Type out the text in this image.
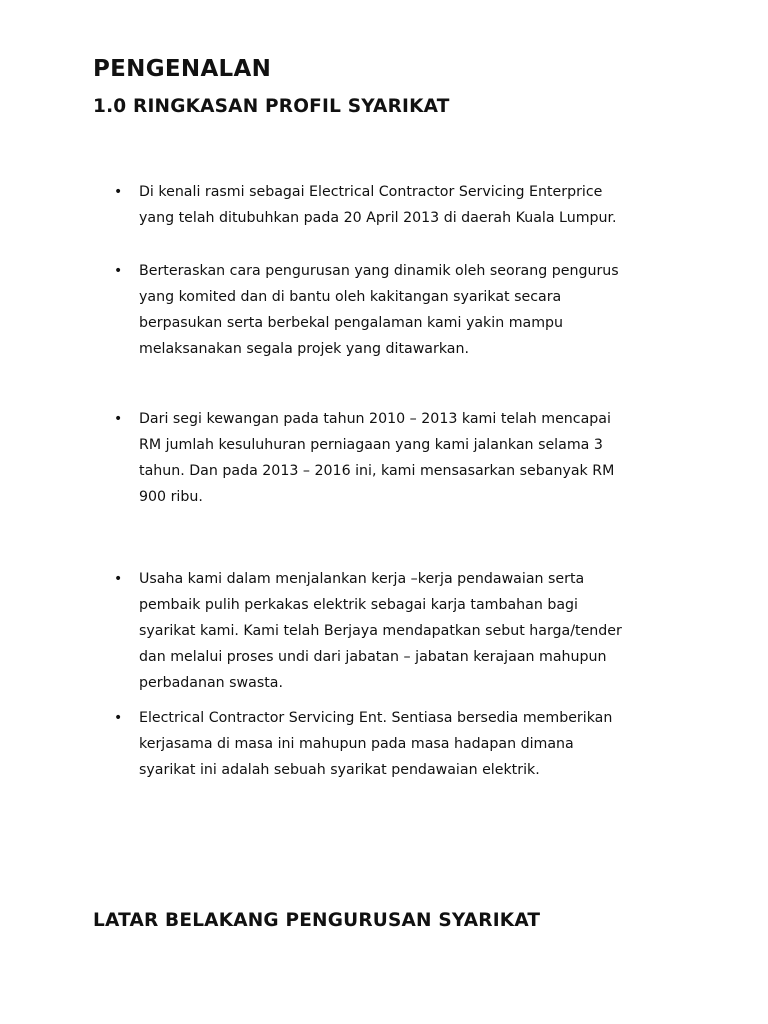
PENGENALAN
1.0 RINGKASAN PROFIL SYARIKAT
•	Di kenali rasmi sebagai Electrical Contractor Servicing Enterprice
yang telah ditubuhkan pada 20 April 2013 di daerah Kuala Lumpur.
•	Berteraskan cara pengurusan yang dinamik oleh seorang pengurus
yang komited dan di bantu oleh kakitangan syarikat secara
berpasukan serta berbekal pengalaman kami yakin mampu
melaksanakan segala projek yang ditawarkan.
•	Dari segi kewangan pada tahun 2010 – 2013 kami telah mencapai
RM jumlah kesuluhuran perniagaan yang kami jalankan selama 3
tahun. Dan pada 2013 – 2016 ini, kami mensasarkan sebanyak RM
900 ribu.
•	Usaha kami dalam menjalankan kerja –kerja pendawaian serta
pembaik pulih perkakas elektrik sebagai karja tambahan bagi
syarikat kami. Kami telah Berjaya mendapatkan sebut harga/tender
dan melalui proses undi dari jabatan – jabatan kerajaan mahupun
perbadanan swasta.
•	Electrical Contractor Servicing Ent. Sentiasa bersedia memberikan
kerjasama di masa ini mahupun pada masa hadapan dimana
syarikat ini adalah sebuah syarikat pendawaian elektrik.
LATAR BELAKANG PENGURUSAN SYARIKAT
